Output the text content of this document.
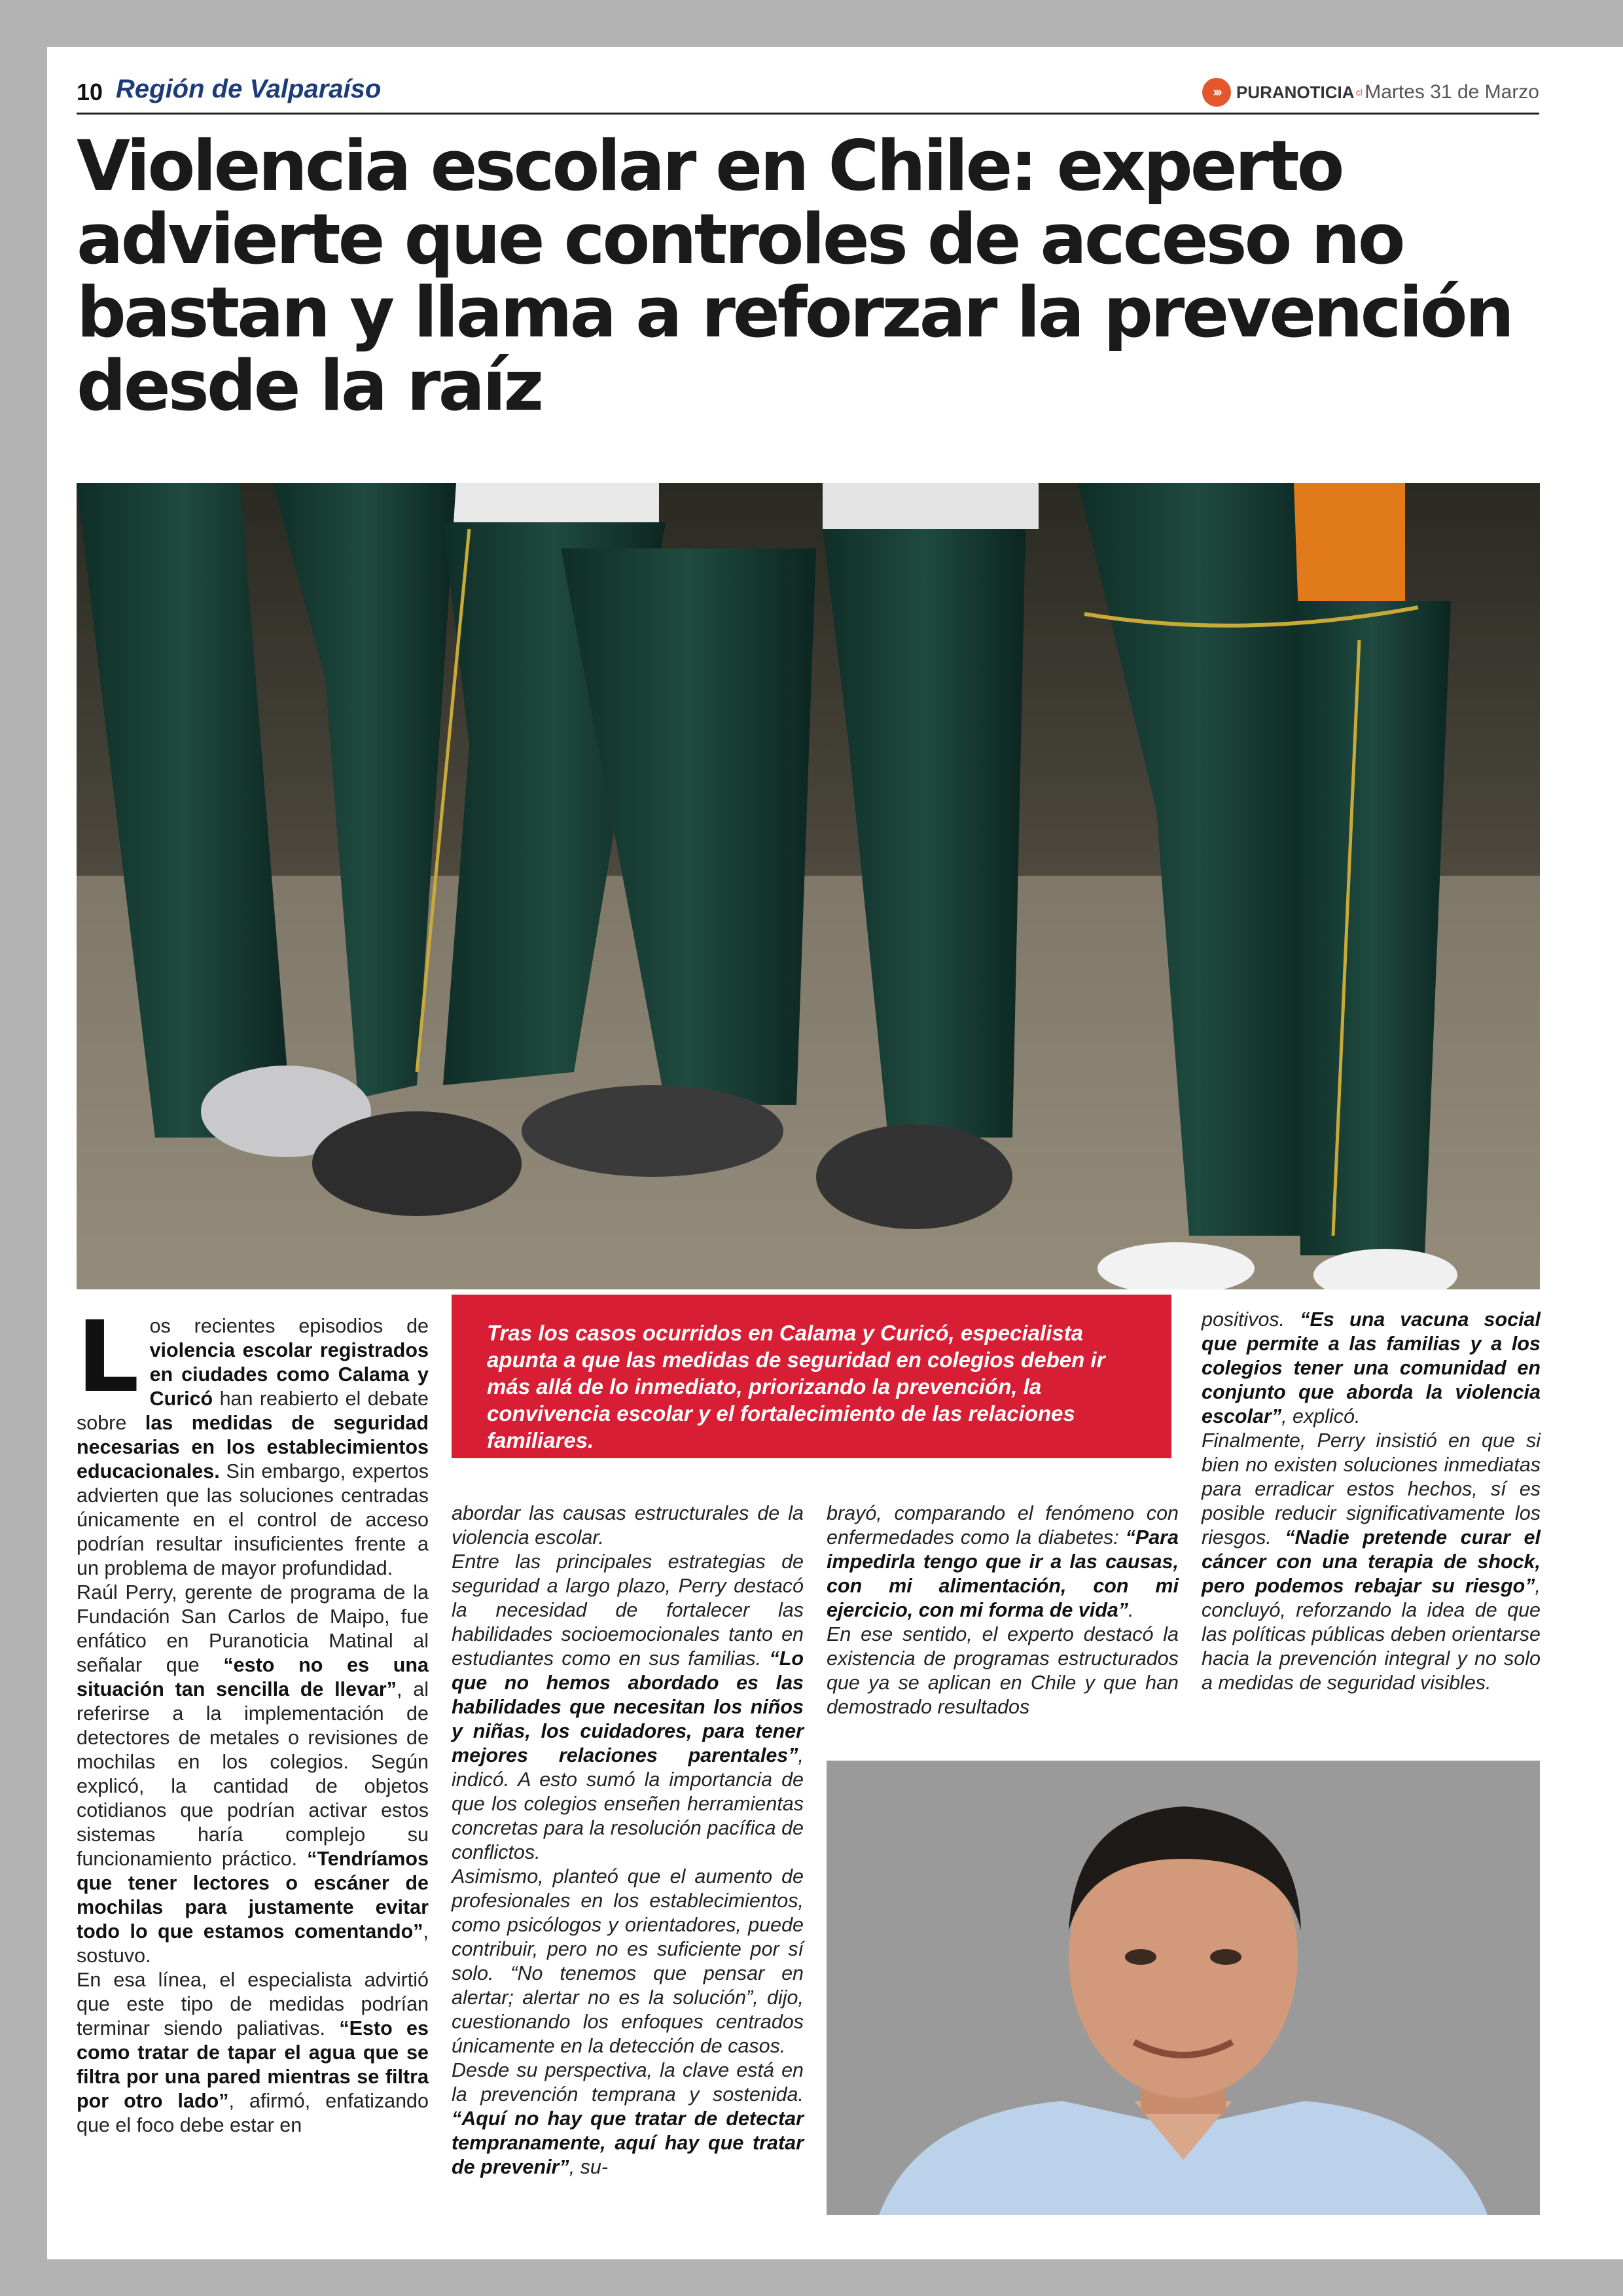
10 Región de Valparaíso	››› PURANOTICIA cl Martes 31 de Marzo
Violencia escolar en Chile: experto advierte que controles de acceso no bastan y llama a reforzar la prevención desde la raíz
L os recientes episodios de violencia escolar registrados en ciudades como Calama y Curicó han reabierto el debate sobre las medidas de seguridad necesarias en los establecimientos educacionales. Sin embargo, expertos advierten que las soluciones centradas únicamente en el control de acceso podrían resultar insuficientes frente a un problema de mayor profundidad.

Raúl Perry, gerente de programa de la Fundación San Carlos de Maipo, fue enfático en Puranoticia Matinal al señalar que “esto no es una situación tan sencilla de llevar”, al referirse a la implementación de detectores de metales o revisiones de mochilas en los colegios. Según explicó, la cantidad de objetos cotidianos que podrían activar estos sistemas haría complejo su funcionamiento práctico. “Tendríamos que tener lectores o escáner de mochilas para justamente evitar todo lo que estamos comentando”, sostuvo.

En esa línea, el especialista advirtió que este tipo de medidas podrían terminar siendo paliativas. “Esto es como tratar de tapar el agua que se filtra por una pared mientras se filtra por otro lado”, afirmó, enfatizando que el foco debe estar en

Tras los casos ocurridos en Calama y Curicó, especialista apunta a que las medidas de seguridad en colegios deben ir más allá de lo inmediato, priorizando la prevención, la convivencia escolar y el fortalecimiento de las relaciones familiares.

abordar las causas estructurales de la violencia escolar.

Entre las principales estrategias de seguridad a largo plazo, Perry destacó la necesidad de fortalecer las habilidades socioemocionales tanto en estudiantes como en sus familias. “Lo que no hemos abordado es las habilidades que necesitan los niños y niñas, los cuidadores, para tener mejores relaciones parentales”, indicó. A esto sumó la importancia de que los colegios enseñen herramientas concretas para la resolución pacífica de conflictos.

Asimismo, planteó que el aumento de profesionales en los establecimientos, como psicólogos y orientadores, puede contribuir, pero no es suficiente por sí solo. “No tenemos que pensar en alertar; alertar no es la solución”, dijo, cuestionando los enfoques centrados únicamente en la detección de casos.

Desde su perspectiva, la clave está en la prevención temprana y sostenida. “Aquí no hay que tratar de detectar tempranamente, aquí hay que tratar de prevenir”, su-

brayó, comparando el fenómeno con enfermedades como la diabetes: “Para impedirla tengo que ir a las causas, con mi alimentación, con mi ejercicio, con mi forma de vida”.

En ese sentido, el experto destacó la existencia de programas estructurados que ya se aplican en Chile y que han demostrado resultados

positivos. “Es una vacuna social que permite a las familias y a los colegios tener una comunidad en conjunto que aborda la violencia escolar”, explicó.

Finalmente, Perry insistió en que si bien no existen soluciones inmediatas para erradicar estos hechos, sí es posible reducir significativamente los riesgos. “Nadie pretende curar el cáncer con una terapia de shock, pero podemos rebajar su riesgo”, concluyó, reforzando la idea de que las políticas públicas deben orientarse hacia la prevención integral y no solo a medidas de seguridad visibles.
